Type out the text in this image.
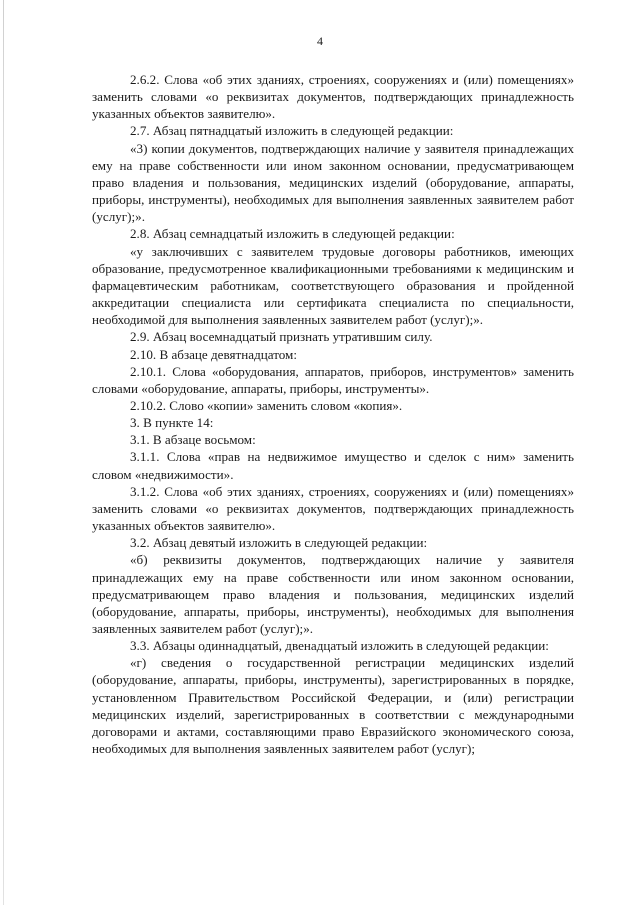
4

2.6.2. Слова «об этих зданиях, строениях, сооружениях и (или) помещениях» заменить словами «о реквизитах документов, подтверждающих принадлежность указанных объектов заявителю».

2.7. Абзац пятнадцатый изложить в следующей редакции:

«3) копии документов, подтверждающих наличие у заявителя принадлежащих ему на праве собственности или ином законном основании, предусматривающем право владения и пользования, медицинских изделий (оборудование, аппараты, приборы, инструменты), необходимых для выполнения заявленных заявителем работ (услуг);».

2.8. Абзац семнадцатый изложить в следующей редакции:

«у заключивших с заявителем трудовые договоры работников, имеющих образование, предусмотренное квалификационными требованиями к медицинским и фармацевтическим работникам, соответствующего образования и пройденной аккредитации специалиста или сертификата специалиста по специальности, необходимой для выполнения заявленных заявителем работ (услуг);».

2.9. Абзац восемнадцатый признать утратившим силу.

2.10. В абзаце девятнадцатом:

2.10.1. Слова «оборудования, аппаратов, приборов, инструментов» заменить словами «оборудование, аппараты, приборы, инструменты».

2.10.2. Слово «копии» заменить словом «копия».

3. В пункте 14:

3.1. В абзаце восьмом:

3.1.1. Слова «прав на недвижимое имущество и сделок с ним» заменить словом «недвижимости».

3.1.2. Слова «об этих зданиях, строениях, сооружениях и (или) помещениях» заменить словами «о реквизитах документов, подтверждающих принадлежность указанных объектов заявителю».

3.2. Абзац девятый изложить в следующей редакции:

«б) реквизиты документов, подтверждающих наличие у заявителя принадлежащих ему на праве собственности или ином законном основании, предусматривающем право владения и пользования, медицинских изделий (оборудование, аппараты, приборы, инструменты), необходимых для выполнения заявленных заявителем работ (услуг);».

3.3. Абзацы одиннадцатый, двенадцатый изложить в следующей редакции:

«г) сведения о государственной регистрации медицинских изделий (оборудование, аппараты, приборы, инструменты), зарегистрированных в порядке, установленном Правительством Российской Федерации, и (или) регистрации медицинских изделий, зарегистрированных в соответствии с международными договорами и актами, составляющими право Евразийского экономического союза, необходимых для выполнения заявленных заявителем работ (услуг);
